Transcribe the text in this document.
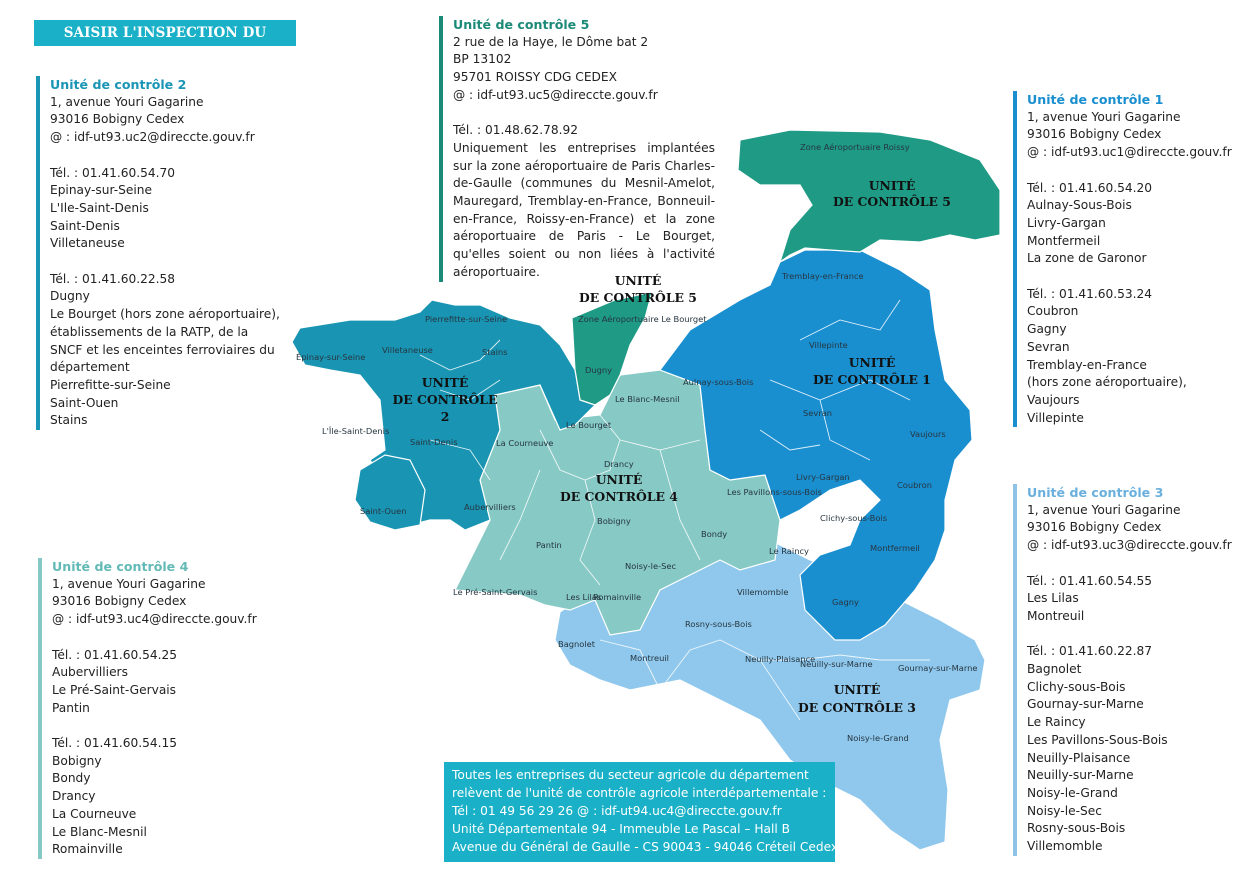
SAISIR L'INSPECTION DU TRAVAIL
Zone Aéroportuaire Roissy
Tremblay-en-France
Villepinte
Aulnay-sous-Bois
Sevran
Vaujours
Livry-Gargan
Coubron
Montfermeil
Clichy-sous-Bois
Le Raincy
Gagny
Les Pavillons-sous-Bois
Bondy
Drancy
Bobigny
Le Blanc-Mesnil
Le Bourget
Dugny
Zone Aéroportuaire Le Bourget
La Courneuve
Aubervilliers
Pantin
Le Pré-Saint-Gervais	Les Lilas
Romainville
Noisy-le-Sec
Villemomble
Rosny-sous-Bois
Bagnolet
Montreuil	Neuilly-Plaisance
Neuilly-sur-Marne	Gournay-sur-Marne
Noisy-le-Grand
Épinay-sur-Seine
Villetaneuse
Pierrefitte-sur-Seine
Stains
L'Île-Saint-Denis
Saint-Denis
Saint-Ouen
UNITÉ
DE CONTRÔLE 5
UNITÉ
DE CONTRÔLE 5
UNITÉ
DE CONTRÔLE
2
UNITÉ
DE CONTRÔLE 1
UNITÉ
DE CONTRÔLE 4
UNITÉ
DE CONTRÔLE 3
Unité de contrôle 2
1, avenue Youri Gagarine
93016 Bobigny Cedex
@ : idf-ut93.uc2@direccte.gouv.fr
Tél. : 01.41.60.54.70
Epinay-sur-Seine
L'Ile-Saint-Denis
Saint-Denis
Villetaneuse
Tél. : 01.41.60.22.58
Dugny
Le Bourget (hors zone aéroportuaire),
établissements de la RATP, de la
SNCF et les enceintes ferroviaires du
département
Pierrefitte-sur-Seine
Saint-Ouen
Stains
Unité de contrôle 5
2 rue de la Haye, le Dôme bat 2
BP 13102
95701 ROISSY CDG CEDEX
@ : idf-ut93.uc5@direccte.gouv.fr
Tél. : 01.48.62.78.92
Uniquement les entreprises implantées sur la zone aéroportuaire de Paris Charles-de-Gaulle (communes du Mesnil-Amelot, Mauregard, Tremblay-en-France, Bonneuil-en-France, Roissy-en-France) et la zone aéroportuaire de Paris - Le Bourget, qu'elles soient ou non liées à l'activité aéroportuaire.
Unité de contrôle 1
1, avenue Youri Gagarine
93016 Bobigny Cedex
@ : idf-ut93.uc1@direccte.gouv.fr
Tél. : 01.41.60.54.20
Aulnay-Sous-Bois
Livry-Gargan
Montfermeil
La zone de Garonor
Tél. : 01.41.60.53.24
Coubron
Gagny
Sevran
Tremblay-en-France
(hors zone aéroportuaire),
Vaujours
Villepinte
Unité de contrôle 3
1, avenue Youri Gagarine
93016 Bobigny Cedex
@ : idf-ut93.uc3@direccte.gouv.fr
Tél. : 01.41.60.54.55
Les Lilas
Montreuil
Tél. : 01.41.60.22.87
Bagnolet
Clichy-sous-Bois
Gournay-sur-Marne
Le Raincy
Les Pavillons-Sous-Bois
Neuilly-Plaisance
Neuilly-sur-Marne
Noisy-le-Grand
Noisy-le-Sec
Rosny-sous-Bois
Villemomble
Unité de contrôle 4
1, avenue Youri Gagarine
93016 Bobigny Cedex
@ : idf-ut93.uc4@direccte.gouv.fr
Tél. : 01.41.60.54.25
Aubervilliers
Le Pré-Saint-Gervais
Pantin
Tél. : 01.41.60.54.15
Bobigny
Bondy
Drancy
La Courneuve
Le Blanc-Mesnil
Romainville
Toutes les entreprises du secteur agricole du département
relèvent de l'unité de contrôle agricole interdépartementale :
Tél : 01 49 56 29 26 @ : idf-ut94.uc4@direccte.gouv.fr
Unité Départementale 94 - Immeuble Le Pascal – Hall B
Avenue du Général de Gaulle - CS 90043 - 94046 Créteil Cedex
